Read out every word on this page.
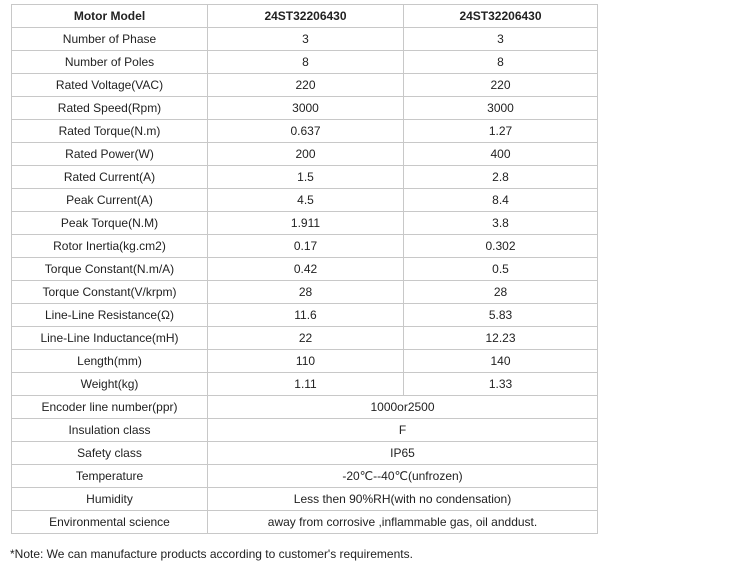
Motor Model	24ST32206430	24ST32206430
Number of Phase	3	3
Number of Poles	8	8
Rated Voltage(VAC)	220	220
Rated Speed(Rpm)	3000	3000
Rated Torque(N.m)	0.637	1.27
Rated Power(W)	200	400
Rated Current(A)	1.5	2.8
Peak Current(A)	4.5	8.4
Peak Torque(N.M)	1.911	3.8
Rotor Inertia(kg.cm2)	0.17	0.302
Torque Constant(N.m/A)	0.42	0.5
Torque Constant(V/krpm)	28	28
Line-Line Resistance(Ω)	11.6	5.83
Line-Line Inductance(mH)	22	12.23
Length(mm)	110	140
Weight(kg)	1.11	1.33
Encoder line number(ppr)	1000or2500	
Insulation class	F	
Safety class	IP65	
Temperature	-20℃--40℃(unfrozen)	
Humidity	Less then 90%RH(with no condensation)	
Environmental science	away from corrosive ,inflammable gas, oil anddust.	
*Note: We can manufacture products according to customer's requirements.
